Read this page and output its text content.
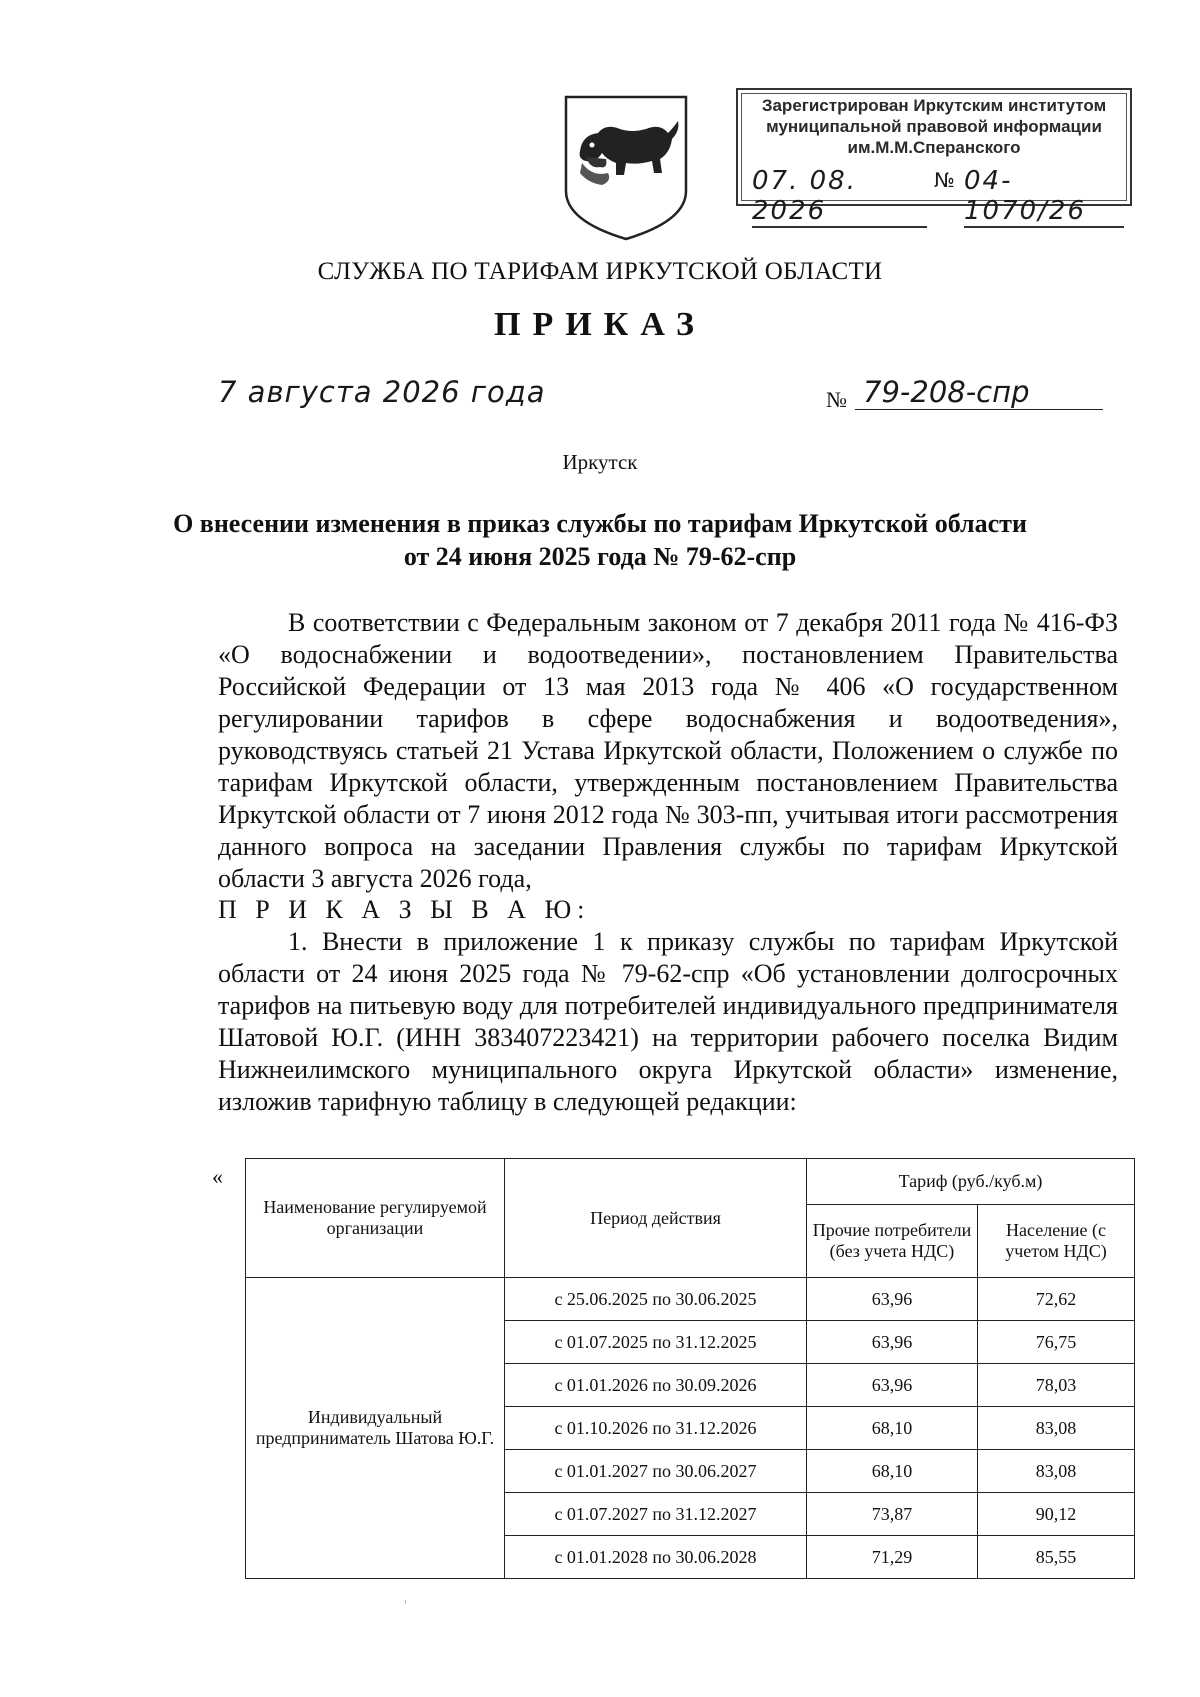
Зарегистрирован Иркутским институтом
муниципальной правовой информации
им.М.М.Сперанского
07. 08. 2026
№ 04-1070/26
СЛУЖБА ПО ТАРИФАМ ИРКУТСКОЙ ОБЛАСТИ
ПРИКАЗ
7 августа 2026 года	№ 79-208-спр
Иркутск
О внесении изменения в приказ службы по тарифам Иркутской области
от 24 июня 2025 года № 79-62-спр
В соответствии с Федеральным законом от 7 декабря 2011 года № 416-ФЗ «О водоснабжении и водоотведении», постановлением Правительства Российской Федерации от 13 мая 2013 года № 406 «О государственном регулировании тарифов в сфере водоснабжения и водоотведения», руководствуясь статьей 21 Устава Иркутской области, Положением о службе по тарифам Иркутской области, утвержденным постановлением Правительства Иркутской области от 7 июня 2012 года № 303-пп, учитывая итоги рассмотрения данного вопроса на заседании Правления службы по тарифам Иркутской области 3 августа 2026 года,
П Р И К А З Ы В А Ю:
1. Внести в приложение 1 к приказу службы по тарифам Иркутской области от 24 июня 2025 года № 79-62-спр «Об установлении долгосрочных тарифов на питьевую воду для потребителей индивидуального предпринимателя Шатовой Ю.Г. (ИНН 383407223421) на территории рабочего поселка Видим Нижнеилимского муниципального округа Иркутской области» изменение, изложив тарифную таблицу в следующей редакции:
«
Наименование регулируемой организации	Период действия	Тариф (руб./куб.м)	
		Прочие потребители (без учета НДС)	Население (с учетом НДС)
Индивидуальный предприниматель Шатова Ю.Г.	с 25.06.2025 по 30.06.2025	63,96	72,62
	с 01.07.2025 по 31.12.2025	63,96	76,75
	с 01.01.2026 по 30.09.2026	63,96	78,03
	с 01.10.2026 по 31.12.2026	68,10	83,08
	с 01.01.2027 по 30.06.2027	68,10	83,08
	с 01.07.2027 по 31.12.2027	73,87	90,12
	с 01.01.2028 по 30.06.2028	71,29	85,55
